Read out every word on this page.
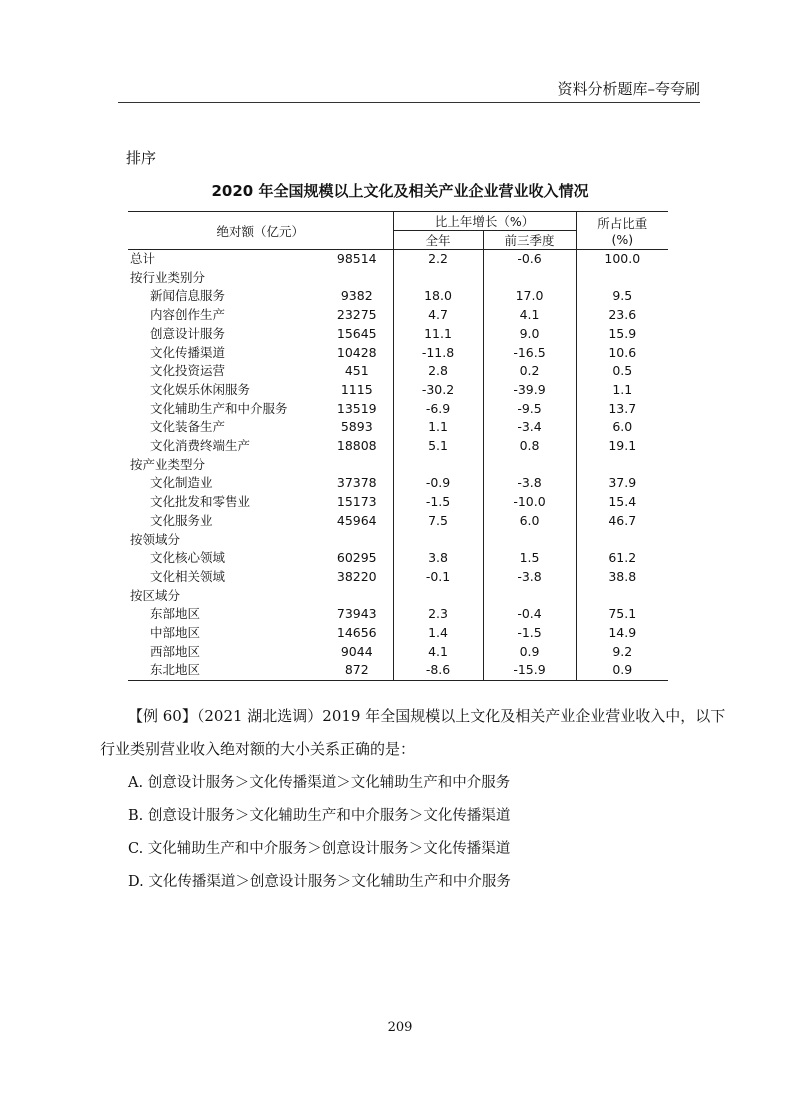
资料分析题库–夸夸刷
排序
2020 年全国规模以上文化及相关产业企业营业收入情况
绝对额（亿元）		比上年增长（%）		所占比重
(%)

		全年	前三季度	
总计	98514	2.2	-0.6	100.0
按行业类别分				
新闻信息服务	9382	18.0	17.0	9.5
内容创作生产	23275	4.7	4.1	23.6
创意设计服务	15645	11.1	9.0	15.9
文化传播渠道	10428	-11.8	-16.5	10.6
文化投资运营	451	2.8	0.2	0.5
文化娱乐休闲服务	1115	-30.2	-39.9	1.1
文化辅助生产和中介服务	13519	-6.9	-9.5	13.7
文化装备生产	5893	1.1	-3.4	6.0
文化消费终端生产	18808	5.1	0.8	19.1
按产业类型分				
文化制造业	37378	-0.9	-3.8	37.9
文化批发和零售业	15173	-1.5	-10.0	15.4
文化服务业	45964	7.5	6.0	46.7
按领域分				
文化核心领域	60295	3.8	1.5	61.2
文化相关领域	38220	-0.1	-3.8	38.8
按区域分				
东部地区	73943	2.3	-0.4	75.1
中部地区	14656	1.4	-1.5	14.9
西部地区	9044	4.1	0.9	9.2
东北地区	872	-8.6	-15.9	0.9
【例 60】（2021 湖北选调）2019 年全国规模以上文化及相关产业企业营业收入中，以下
行业类别营业收入绝对额的大小关系正确的是：
A. 创意设计服务＞文化传播渠道＞文化辅助生产和中介服务
B. 创意设计服务＞文化辅助生产和中介服务＞文化传播渠道
C. 文化辅助生产和中介服务＞创意设计服务＞文化传播渠道
D. 文化传播渠道＞创意设计服务＞文化辅助生产和中介服务
209
